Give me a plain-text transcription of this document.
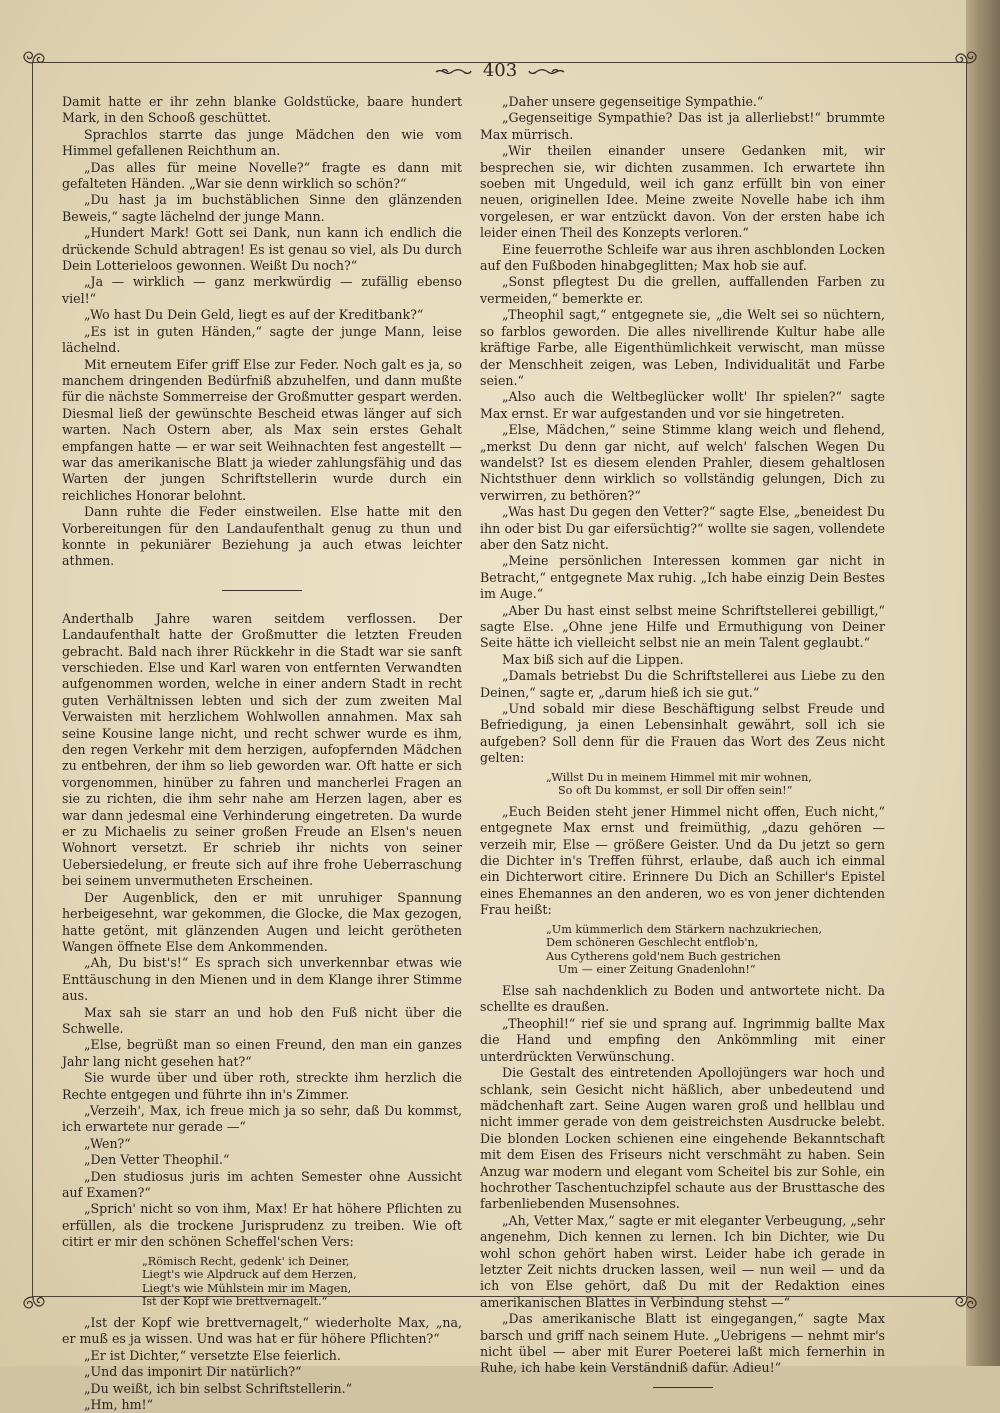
403

Damit hatte er ihr zehn blanke Goldstücke, baare hundert Mark, in den Schooß geschüttet.

Sprachlos starrte das junge Mädchen den wie vom Himmel gefallenen Reichthum an.

„Das alles für meine Novelle?“ fragte es dann mit gefalteten Händen. „War sie denn wirklich so schön?“

„Du hast ja im buchstäblichen Sinne den glänzenden Beweis,“ sagte lächelnd der junge Mann.

„Hundert Mark! Gott sei Dank, nun kann ich endlich die drückende Schuld abtragen! Es ist genau so viel, als Du durch Dein Lotterieloos gewonnen. Weißt Du noch?“

„Ja — wirklich — ganz merkwürdig — zufällig ebenso viel!“

„Wo hast Du Dein Geld, liegt es auf der Kreditbank?“

„Es ist in guten Händen,“ sagte der junge Mann, leise lächelnd.

Mit erneutem Eifer griff Else zur Feder. Noch galt es ja, so manchem dringenden Bedürfniß abzuhelfen, und dann mußte für die nächste Sommerreise der Großmutter gespart werden. Diesmal ließ der gewünschte Bescheid etwas länger auf sich warten. Nach Ostern aber, als Max sein erstes Gehalt empfangen hatte — er war seit Weihnachten fest angestellt — war das amerikanische Blatt ja wieder zahlungsfähig und das Warten der jungen Schriftstellerin wurde durch ein reichliches Honorar belohnt.

Dann ruhte die Feder einstweilen. Else hatte mit den Vorbereitungen für den Landaufenthalt genug zu thun und konnte in pekuniärer Beziehung ja auch etwas leichter athmen.

Anderthalb Jahre waren seitdem verflossen. Der Landaufenthalt hatte der Großmutter die letzten Freuden gebracht. Bald nach ihrer Rückkehr in die Stadt war sie sanft verschieden. Else und Karl waren von entfernten Verwandten aufgenommen worden, welche in einer andern Stadt in recht guten Verhältnissen lebten und sich der zum zweiten Mal Verwaisten mit herzlichem Wohlwollen annahmen. Max sah seine Kousine lange nicht, und recht schwer wurde es ihm, den regen Verkehr mit dem herzigen, aufopfernden Mädchen zu entbehren, der ihm so lieb geworden war. Oft hatte er sich vorgenommen, hinüber zu fahren und mancherlei Fragen an sie zu richten, die ihm sehr nahe am Herzen lagen, aber es war dann jedesmal eine Verhinderung eingetreten. Da wurde er zu Michaelis zu seiner großen Freude an Elsen's neuen Wohnort versetzt. Er schrieb ihr nichts von seiner Uebersiedelung, er freute sich auf ihre frohe Ueberraschung bei seinem unvermutheten Erscheinen.

Der Augenblick, den er mit unruhiger Spannung herbeigesehnt, war gekommen, die Glocke, die Max gezogen, hatte getönt, mit glänzenden Augen und leicht gerötheten Wangen öffnete Else dem Ankommenden.

„Ah, Du bist's!“ Es sprach sich unverkennbar etwas wie Enttäuschung in den Mienen und in dem Klange ihrer Stimme aus.

Max sah sie starr an und hob den Fuß nicht über die Schwelle.

„Else, begrüßt man so einen Freund, den man ein ganzes Jahr lang nicht gesehen hat?“

Sie wurde über und über roth, streckte ihm herzlich die Rechte entgegen und führte ihn in's Zimmer.

„Verzeih', Max, ich freue mich ja so sehr, daß Du kommst, ich erwartete nur gerade —“

„Wen?“

„Den Vetter Theophil.“

„Den studiosus juris im achten Semester ohne Aussicht auf Examen?“

„Sprich' nicht so von ihm, Max! Er hat höhere Pflichten zu erfüllen, als die trockene Jurisprudenz zu treiben. Wie oft citirt er mir den schönen Scheffel'schen Vers:

„Römisch Recht, gedenk' ich Deiner,
Liegt's wie Alpdruck auf dem Herzen,
Liegt's wie Mühlstein mir im Magen,
Ist der Kopf wie brettvernagelt.“

„Ist der Kopf wie brettvernagelt,“ wiederholte Max, „na, er muß es ja wissen. Und was hat er für höhere Pflichten?“

„Er ist Dichter,“ versetzte Else feierlich.

„Und das imponirt Dir natürlich?“

„Du weißt, ich bin selbst Schriftstellerin.“

„Hm, hm!“

„Daher unsere gegenseitige Sympathie.“

„Gegenseitige Sympathie? Das ist ja allerliebst!“ brummte Max mürrisch.

„Wir theilen einander unsere Gedanken mit, wir besprechen sie, wir dichten zusammen. Ich erwartete ihn soeben mit Ungeduld, weil ich ganz erfüllt bin von einer neuen, originellen Idee. Meine zweite Novelle habe ich ihm vorgelesen, er war entzückt davon. Von der ersten habe ich leider einen Theil des Konzepts verloren.“

Eine feuerrothe Schleife war aus ihren aschblonden Locken auf den Fußboden hinabgeglitten; Max hob sie auf.

„Sonst pflegtest Du die grellen, auffallenden Farben zu vermeiden,“ bemerkte er.

„Theophil sagt,“ entgegnete sie, „die Welt sei so nüchtern, so farblos geworden. Die alles nivellirende Kultur habe alle kräftige Farbe, alle Eigenthümlichkeit verwischt, man müsse der Menschheit zeigen, was Leben, Individualität und Farbe seien.“

„Also auch die Weltbeglücker wollt' Ihr spielen?“ sagte Max ernst. Er war aufgestanden und vor sie hingetreten.

„Else, Mädchen,“ seine Stimme klang weich und flehend, „merkst Du denn gar nicht, auf welch' falschen Wegen Du wandelst? Ist es diesem elenden Prahler, diesem gehaltlosen Nichtsthuer denn wirklich so vollständig gelungen, Dich zu verwirren, zu bethören?“

„Was hast Du gegen den Vetter?“ sagte Else, „beneidest Du ihn oder bist Du gar eifersüchtig?“ wollte sie sagen, vollendete aber den Satz nicht.

„Meine persönlichen Interessen kommen gar nicht in Betracht,“ entgegnete Max ruhig. „Ich habe einzig Dein Bestes im Auge.“

„Aber Du hast einst selbst meine Schriftstellerei gebilligt,“ sagte Else. „Ohne jene Hilfe und Ermuthigung von Deiner Seite hätte ich vielleicht selbst nie an mein Talent geglaubt.“

Max biß sich auf die Lippen.

„Damals betriebst Du die Schriftstellerei aus Liebe zu den Deinen,“ sagte er, „darum hieß ich sie gut.“

„Und sobald mir diese Beschäftigung selbst Freude und Befriedigung, ja einen Lebensinhalt gewährt, soll ich sie aufgeben? Soll denn für die Frauen das Wort des Zeus nicht gelten:

„Willst Du in meinem Himmel mit mir wohnen,
So oft Du kommst, er soll Dir offen sein!“

„Euch Beiden steht jener Himmel nicht offen, Euch nicht,“ entgegnete Max ernst und freimüthig, „dazu gehören — verzeih mir, Else — größere Geister. Und da Du jetzt so gern die Dichter in's Treffen führst, erlaube, daß auch ich einmal ein Dichterwort citire. Erinnere Du Dich an Schiller's Epistel eines Ehemannes an den anderen, wo es von jener dichtenden Frau heißt:

„Um kümmerlich dem Stärkern nachzukriechen,
Dem schöneren Geschlecht entflob'n,
Aus Cytherens gold'nem Buch gestrichen
Um — einer Zeitung Gnadenlohn!“

Else sah nachdenklich zu Boden und antwortete nicht. Da schellte es draußen.

„Theophil!“ rief sie und sprang auf. Ingrimmig ballte Max die Hand und empfing den Ankömmling mit einer unterdrückten Verwünschung.

Die Gestalt des eintretenden Apollojüngers war hoch und schlank, sein Gesicht nicht häßlich, aber unbedeutend und mädchenhaft zart. Seine Augen waren groß und hellblau und nicht immer gerade von dem geistreichsten Ausdrucke belebt. Die blonden Locken schienen eine eingehende Bekanntschaft mit dem Eisen des Friseurs nicht verschmäht zu haben. Sein Anzug war modern und elegant vom Scheitel bis zur Sohle, ein hochrother Taschentuchzipfel schaute aus der Brusttasche des farbenliebenden Musensohnes.

„Ah, Vetter Max,“ sagte er mit eleganter Verbeugung, „sehr angenehm, Dich kennen zu lernen. Ich bin Dichter, wie Du wohl schon gehört haben wirst. Leider habe ich gerade in letzter Zeit nichts drucken lassen, weil — nun weil — und da ich von Else gehört, daß Du mit der Redaktion eines amerikanischen Blattes in Verbindung stehst —“

„Das amerikanische Blatt ist eingegangen,“ sagte Max barsch und griff nach seinem Hute. „Uebrigens — nehmt mir's nicht übel — aber mit Eurer Poeterei laßt mich fernerhin in Ruhe, ich habe kein Verständniß dafür. Adieu!“
